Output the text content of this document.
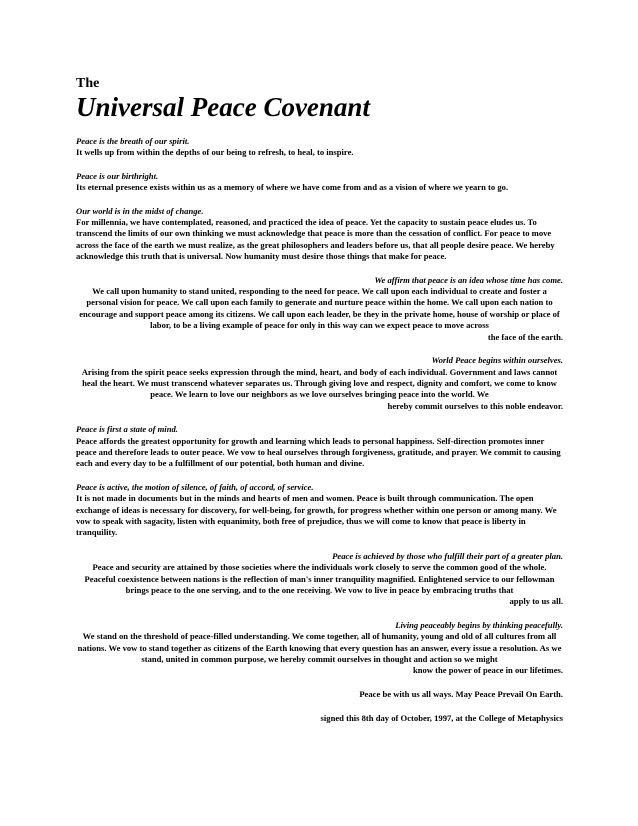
The

Universal Peace Covenant
Peace is the breath of our spirit.
It wells up from within the depths of our being to refresh, to heal, to inspire.
Peace is our birthright.
Its eternal presence exists within us as a memory of where we have come from and as a vision of where we yearn to go.
Our world is in the midst of change.
For millennia, we have contemplated, reasoned, and practiced the idea of peace. Yet the capacity to sustain peace eludes us. To transcend the limits of our own thinking we must acknowledge that peace is more than the cessation of conflict. For peace to move across the face of the earth we must realize, as the great philosophers and leaders before us, that all people desire peace. We hereby acknowledge this truth that is universal. Now humanity must desire those things that make for peace.
We affirm that peace is an idea whose time has come.
We call upon humanity to stand united, responding to the need for peace. We call upon each individual to create and foster a personal vision for peace. We call upon each family to generate and nurture peace within the home. We call upon each nation to encourage and support peace among its citizens. We call upon each leader, be they in the private home, house of worship or place of labor, to be a living example of peace for only in this way can we expect peace to move across
the face of the earth.
World Peace begins within ourselves.
Arising from the spirit peace seeks expression through the mind, heart, and body of each individual. Government and laws cannot heal the heart. We must transcend whatever separates us. Through giving love and respect, dignity and comfort, we come to know peace. We learn to love our neighbors as we love ourselves bringing peace into the world. We
hereby commit ourselves to this noble endeavor.
Peace is first a state of mind.
Peace affords the greatest opportunity for growth and learning which leads to personal happiness. Self-direction promotes inner peace and therefore leads to outer peace. We vow to heal ourselves through forgiveness, gratitude, and prayer. We commit to causing each and every day to be a fulfillment of our potential, both human and divine.
Peace is active, the motion of silence, of faith, of accord, of service.
It is not made in documents but in the minds and hearts of men and women. Peace is built through communication. The open exchange of ideas is necessary for discovery, for well-being, for growth, for progress whether within one person or among many. We vow to speak with sagacity, listen with equanimity, both free of prejudice, thus we will come to know that peace is liberty in tranquility.
Peace is achieved by those who fulfill their part of a greater plan.
Peace and security are attained by those societies where the individuals work closely to serve the common good of the whole. Peaceful coexistence between nations is the reflection of man's inner tranquility magnified. Enlightened service to our fellowman brings peace to the one serving, and to the one receiving. We vow to live in peace by embracing truths that
apply to us all.
Living peaceably begins by thinking peacefully.
We stand on the threshold of peace-filled understanding. We come together, all of humanity, young and old of all cultures from all nations. We vow to stand together as citizens of the Earth knowing that every question has an answer, every issue a resolution. As we stand, united in common purpose, we hereby commit ourselves in thought and action so we might
know the power of peace in our lifetimes.

Peace be with us all ways. May Peace Prevail On Earth.

signed this 8th day of October, 1997, at the College of Metaphysics
